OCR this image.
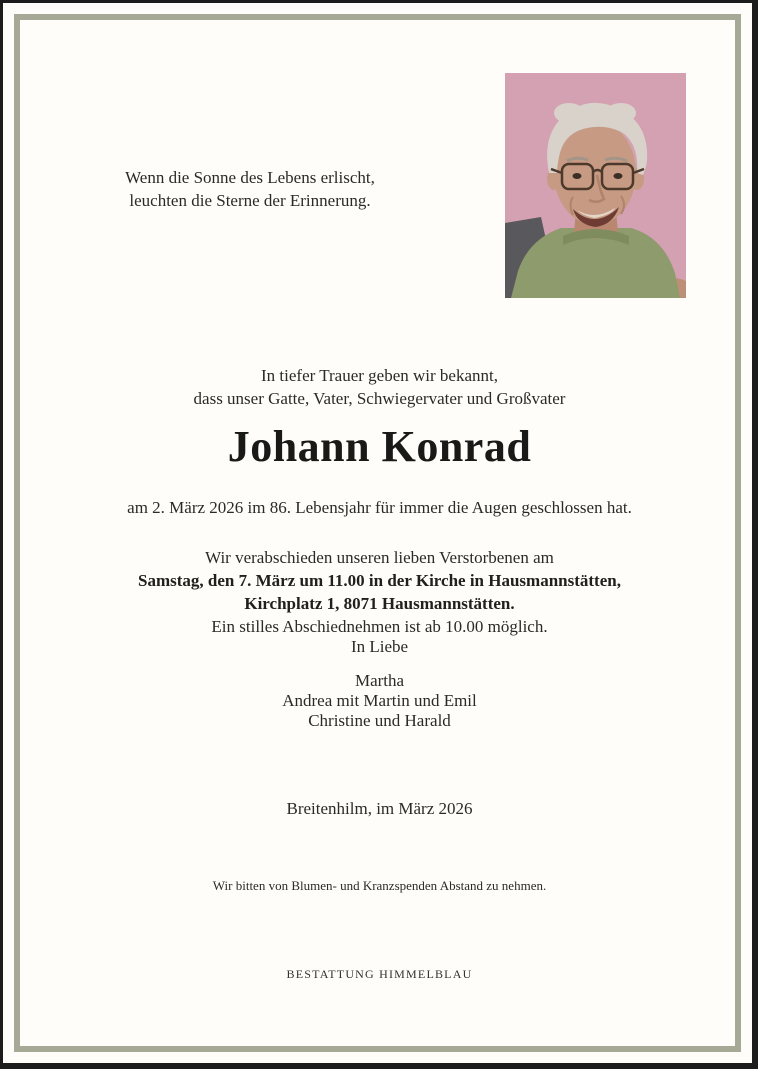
Wenn die Sonne des Lebens erlischt,
leuchten die Sterne der Erinnerung.
In tiefer Trauer geben wir bekannt,
dass unser Gatte, Vater, Schwiegervater und Großvater
Johann Konrad
am 2. März 2026 im 86. Lebensjahr für immer die Augen geschlossen hat.
Wir verabschieden unseren lieben Verstorbenen am
Samstag, den 7. März um 11.00 in der Kirche in Hausmannstätten,
Kirchplatz 1, 8071 Hausmannstätten.
Ein stilles Abschiednehmen ist ab 10.00 möglich.
In Liebe
Martha
Andrea mit Martin und Emil
Christine und Harald
Breitenhilm, im März 2026
Wir bitten von Blumen- und Kranzspenden Abstand zu nehmen.
BESTATTUNG HIMMELBLAU
